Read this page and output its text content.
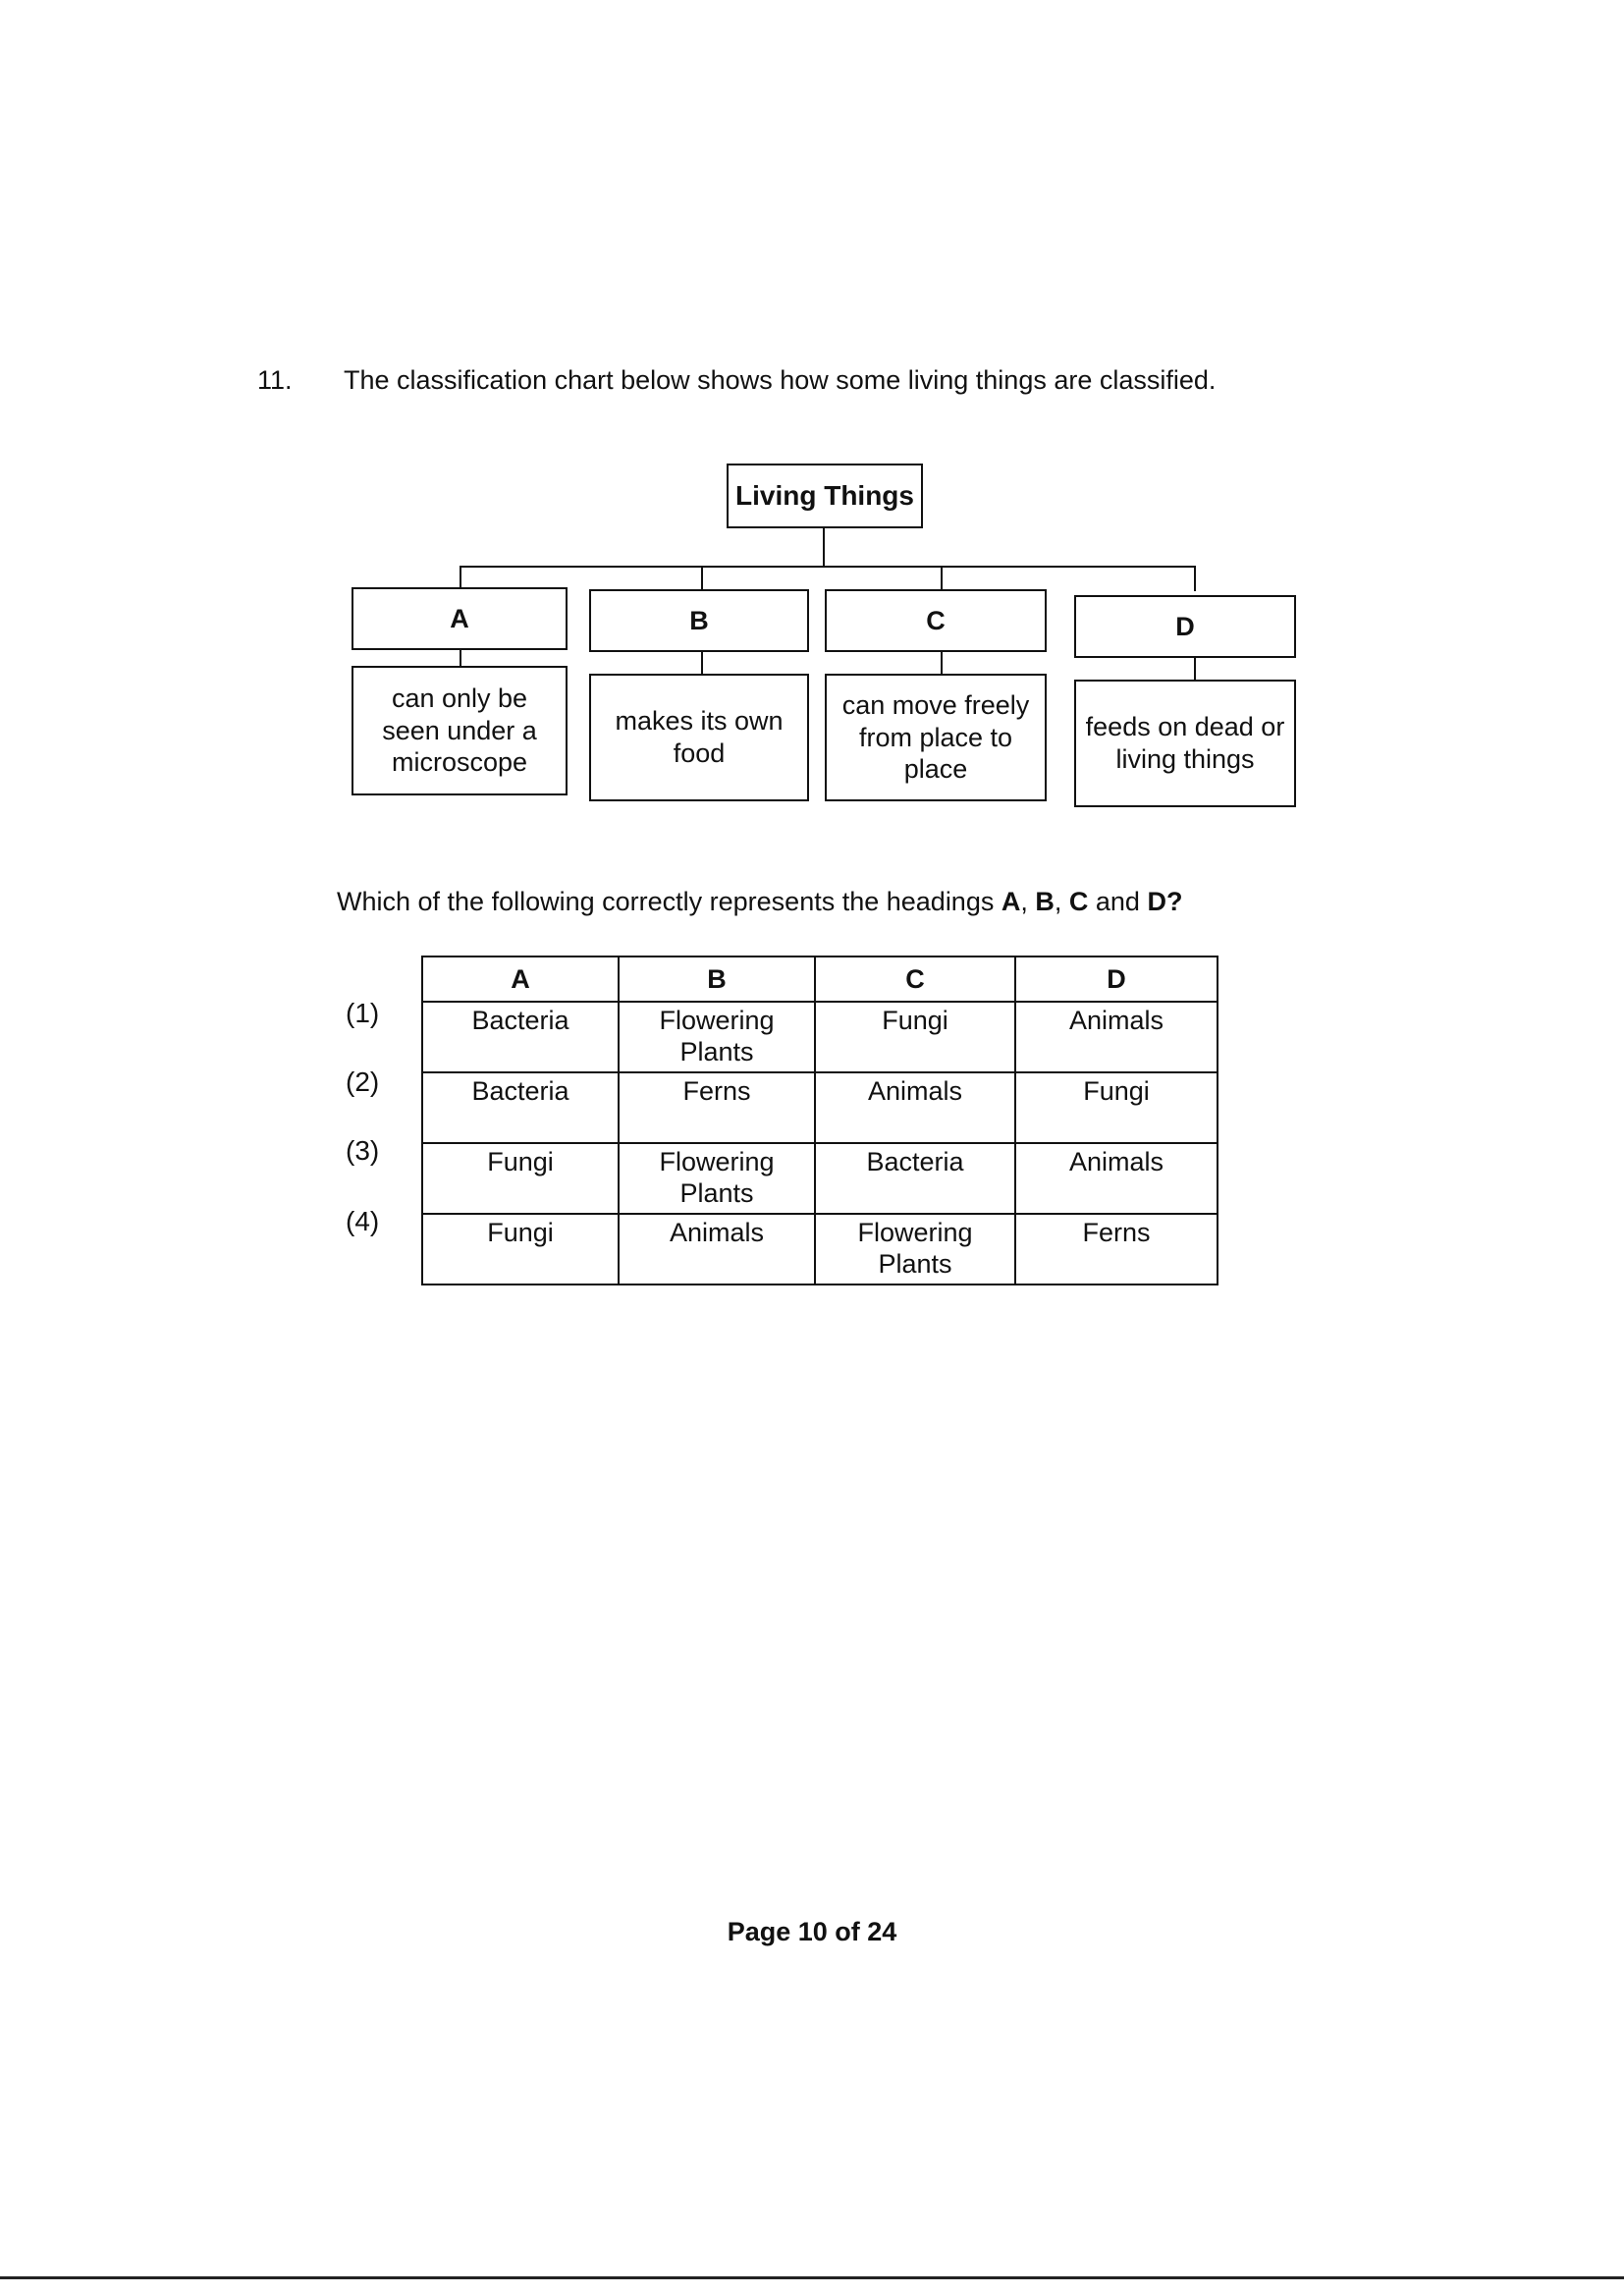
11. The classification chart below shows how some living things are classified.
Living Things
A	B	C	D
can only be seen under a microscope
makes its own food
can move freely from place to place
feeds on dead or living things
Which of the following correctly represents the headings A, B, C and D?
(1)
(2)
(3)
(4)
A	B	C	D
Bacteria	Flowering Plants	Fungi	Animals
Bacteria	Ferns	Animals	Fungi
Fungi	Flowering Plants	Bacteria	Animals
Fungi	Animals	Flowering Plants	Ferns
Page 10 of 24
